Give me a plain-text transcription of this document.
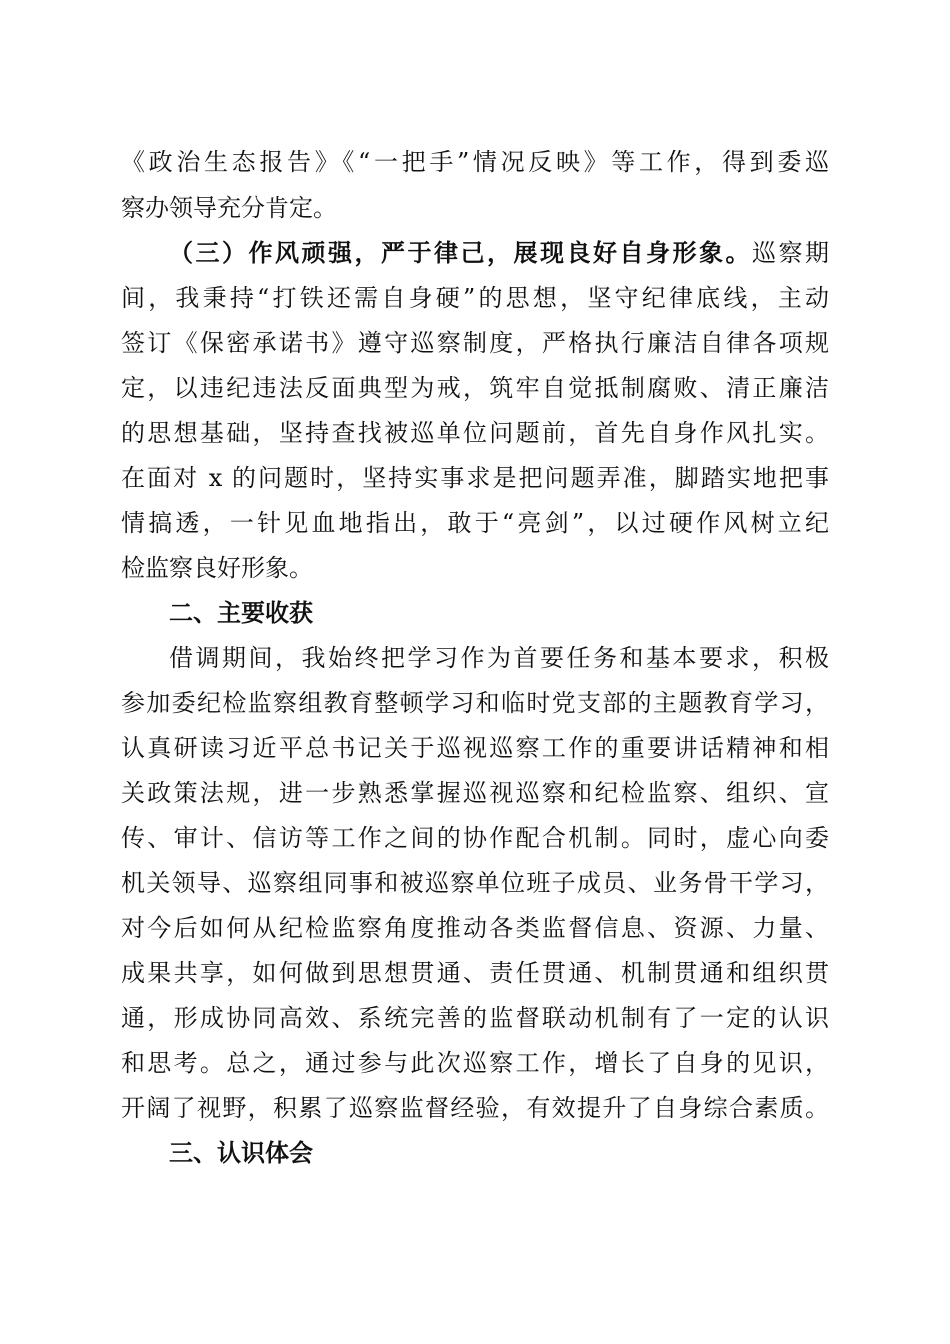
《政治生态报告》《“一把手”情况反映》等工作，得到委巡
察办领导充分肯定。
（三）作风顽强，严于律己，展现良好自身形象。巡察期
间，我秉持“打铁还需自身硬”的思想，坚守纪律底线，主动
签订《保密承诺书》遵守巡察制度，严格执行廉洁自律各项规
定，以违纪违法反面典型为戒，筑牢自觉抵制腐败、清正廉洁
的思想基础，坚持查找被巡单位问题前，首先自身作风扎实。
在面对 x 的问题时，坚持实事求是把问题弄准，脚踏实地把事
情搞透，一针见血地指出，敢于“亮剑”，以过硬作风树立纪
检监察良好形象。
二、主要收获
借调期间，我始终把学习作为首要任务和基本要求，积极
参加委纪检监察组教育整顿学习和临时党支部的主题教育学习，
认真研读习近平总书记关于巡视巡察工作的重要讲话精神和相
关政策法规，进一步熟悉掌握巡视巡察和纪检监察、组织、宣
传、审计、信访等工作之间的协作配合机制。同时，虚心向委
机关领导、巡察组同事和被巡察单位班子成员、业务骨干学习，
对今后如何从纪检监察角度推动各类监督信息、资源、力量、
成果共享，如何做到思想贯通、责任贯通、机制贯通和组织贯
通，形成协同高效、系统完善的监督联动机制有了一定的认识
和思考。总之，通过参与此次巡察工作，增长了自身的见识，
开阔了视野，积累了巡察监督经验，有效提升了自身综合素质。
三、认识体会
